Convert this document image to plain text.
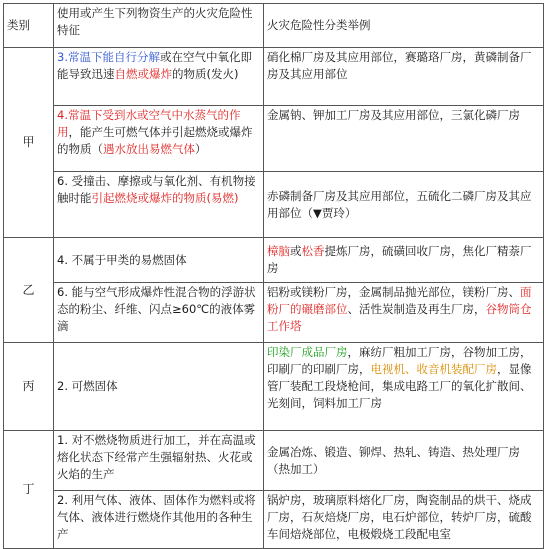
类别	使用或产生下列物资生产的火灾危险性特征	火灾危险性分类举例
甲	3.常温下能自行分解或在空气中氧化即能导致迅速自燃或爆炸的物质(发火)	硝化棉厂房及其应用部位，赛璐珞厂房，黄磷制备厂房及其应用部位
	4.常温下受到水或空气中水蒸气的作用，能产生可燃气体并引起燃烧或爆炸的物质（遇水放出易燃气体）	金属钠、钾加工厂房及其应用部位，三氯化磷厂房
	6. 受撞击、摩擦或与氧化剂、有机物接触时能引起燃烧或爆炸的物质(易燃)	赤磷制备厂房及其应用部位，五硫化二磷厂房及其应用部位（▼贾玲）
乙	4. 不属于甲类的易燃固体	樟脑或松香提炼厂房，硫磺回收厂房，焦化厂精萘厂房
	6. 能与空气形成爆炸性混合物的浮游状态的粉尘、纤维、闪点≥60℃的液体雾滴	铝粉或镁粉厂房，金属制品抛光部位，镁粉厂房、面粉厂的碾磨部位、活性炭制造及再生厂房，谷物筒仓工作塔
丙	2. 可燃固体	印染厂成品厂房，麻纺厂粗加工厂房，谷物加工房，印刷厂的印刷厂房，电视机、收音机装配厂房，显像管厂装配工段烧枪间，集成电路工厂的氧化扩散间、光刻间，饲料加工厂房
丁	1. 对不燃烧物质进行加工，并在高温或熔化状态下经常产生强辐射热、火花或火焰的生产	金属冶炼、锻造、铆焊、热轧、铸造、热处理厂房（热加工）
	2. 利用气体、液体、固体作为燃料或将气体、液体进行燃烧作其他用的各种生产	锅炉房，玻璃原料熔化厂房，陶瓷制品的烘干、烧成厂房，石灰焙烧厂房，电石炉部位，转炉厂房，硫酸车间焙烧部位，电极煅烧工段配电室
